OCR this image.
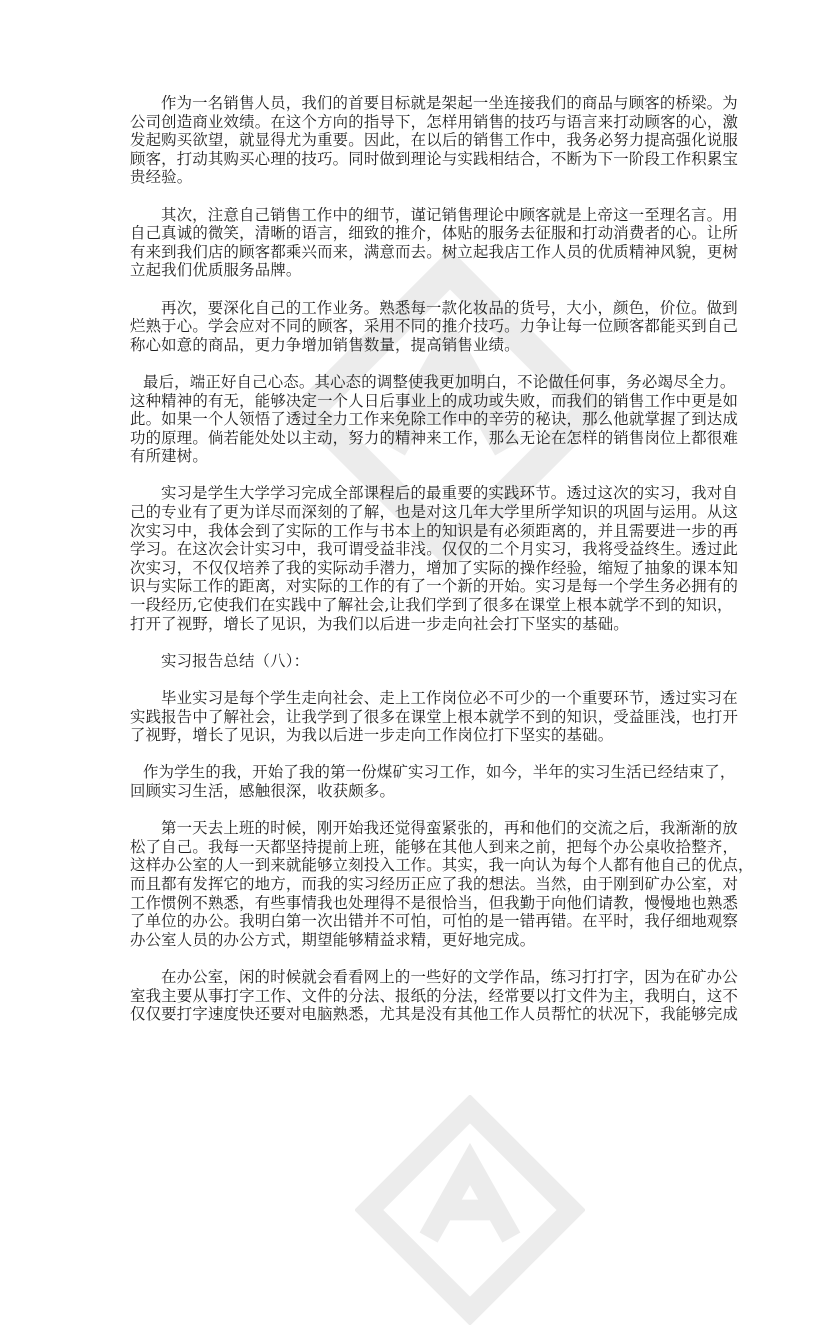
作为一名销售人员，我们的首要目标就是架起一坐连接我们的商品与顾客的桥梁。为
公司创造商业效绩。在这个方向的指导下，怎样用销售的技巧与语言来打动顾客的心，激
发起购买欲望，就显得尤为重要。因此，在以后的销售工作中，我务必努力提高强化说服
顾客，打动其购买心理的技巧。同时做到理论与实践相结合，不断为下一阶段工作积累宝
贵经验。
其次，注意自己销售工作中的细节，谨记销售理论中顾客就是上帝这一至理名言。用
自己真诚的微笑，清晰的语言，细致的推介，体贴的服务去征服和打动消费者的心。让所
有来到我们店的顾客都乘兴而来，满意而去。树立起我店工作人员的优质精神风貌，更树
立起我们优质服务品牌。
再次，要深化自己的工作业务。熟悉每一款化妆品的货号，大小，颜色，价位。做到
烂熟于心。学会应对不同的顾客，采用不同的推介技巧。力争让每一位顾客都能买到自己
称心如意的商品，更力争增加销售数量，提高销售业绩。
最后，端正好自己心态。其心态的调整使我更加明白，不论做任何事，务必竭尽全力。
这种精神的有无，能够决定一个人日后事业上的成功或失败，而我们的销售工作中更是如
此。如果一个人领悟了透过全力工作来免除工作中的辛劳的秘诀，那么他就掌握了到达成
功的原理。倘若能处处以主动，努力的精神来工作，那么无论在怎样的销售岗位上都很难
有所建树。
实习是学生大学学习完成全部课程后的最重要的实践环节。透过这次的实习，我对自
己的专业有了更为详尽而深刻的了解，也是对这几年大学里所学知识的巩固与运用。从这
次实习中，我体会到了实际的工作与书本上的知识是有必须距离的，并且需要进一步的再
学习。在这次会计实习中，我可谓受益非浅。仅仅的二个月实习，我将受益终生。透过此
次实习，不仅仅培养了我的实际动手潜力，增加了实际的操作经验，缩短了抽象的课本知
识与实际工作的距离，对实际的工作的有了一个新的开始。实习是每一个学生务必拥有的
一段经历,它使我们在实践中了解社会,让我们学到了很多在课堂上根本就学不到的知识，
打开了视野，增长了见识，为我们以后进一步走向社会打下坚实的基础。
实习报告总结（八）：
毕业实习是每个学生走向社会、走上工作岗位必不可少的一个重要环节，透过实习在
实践报告中了解社会，让我学到了很多在课堂上根本就学不到的知识，受益匪浅，也打开
了视野，增长了见识，为我以后进一步走向工作岗位打下坚实的基础。
作为学生的我，开始了我的第一份煤矿实习工作，如今，半年的实习生活已经结束了，
回顾实习生活，感触很深，收获颇多。
第一天去上班的时候，刚开始我还觉得蛮紧张的，再和他们的交流之后，我渐渐的放
松了自己。我每一天都坚持提前上班，能够在其他人到来之前，把每个办公桌收拾整齐，
这样办公室的人一到来就能够立刻投入工作。其实，我一向认为每个人都有他自己的优点，
而且都有发挥它的地方，而我的实习经历正应了我的想法。当然，由于刚到矿办公室，对
工作惯例不熟悉，有些事情我也处理得不是很恰当，但我勤于向他们请教，慢慢地也熟悉
了单位的办公。我明白第一次出错并不可怕，可怕的是一错再错。在平时，我仔细地观察
办公室人员的办公方式，期望能够精益求精，更好地完成。
在办公室，闲的时候就会看看网上的一些好的文学作品，练习打打字，因为在矿办公
室我主要从事打字工作、文件的分法、报纸的分法，经常要以打文件为主，我明白，这不
仅仅要打字速度快还要对电脑熟悉，尤其是没有其他工作人员帮忙的状况下，我能够完成
